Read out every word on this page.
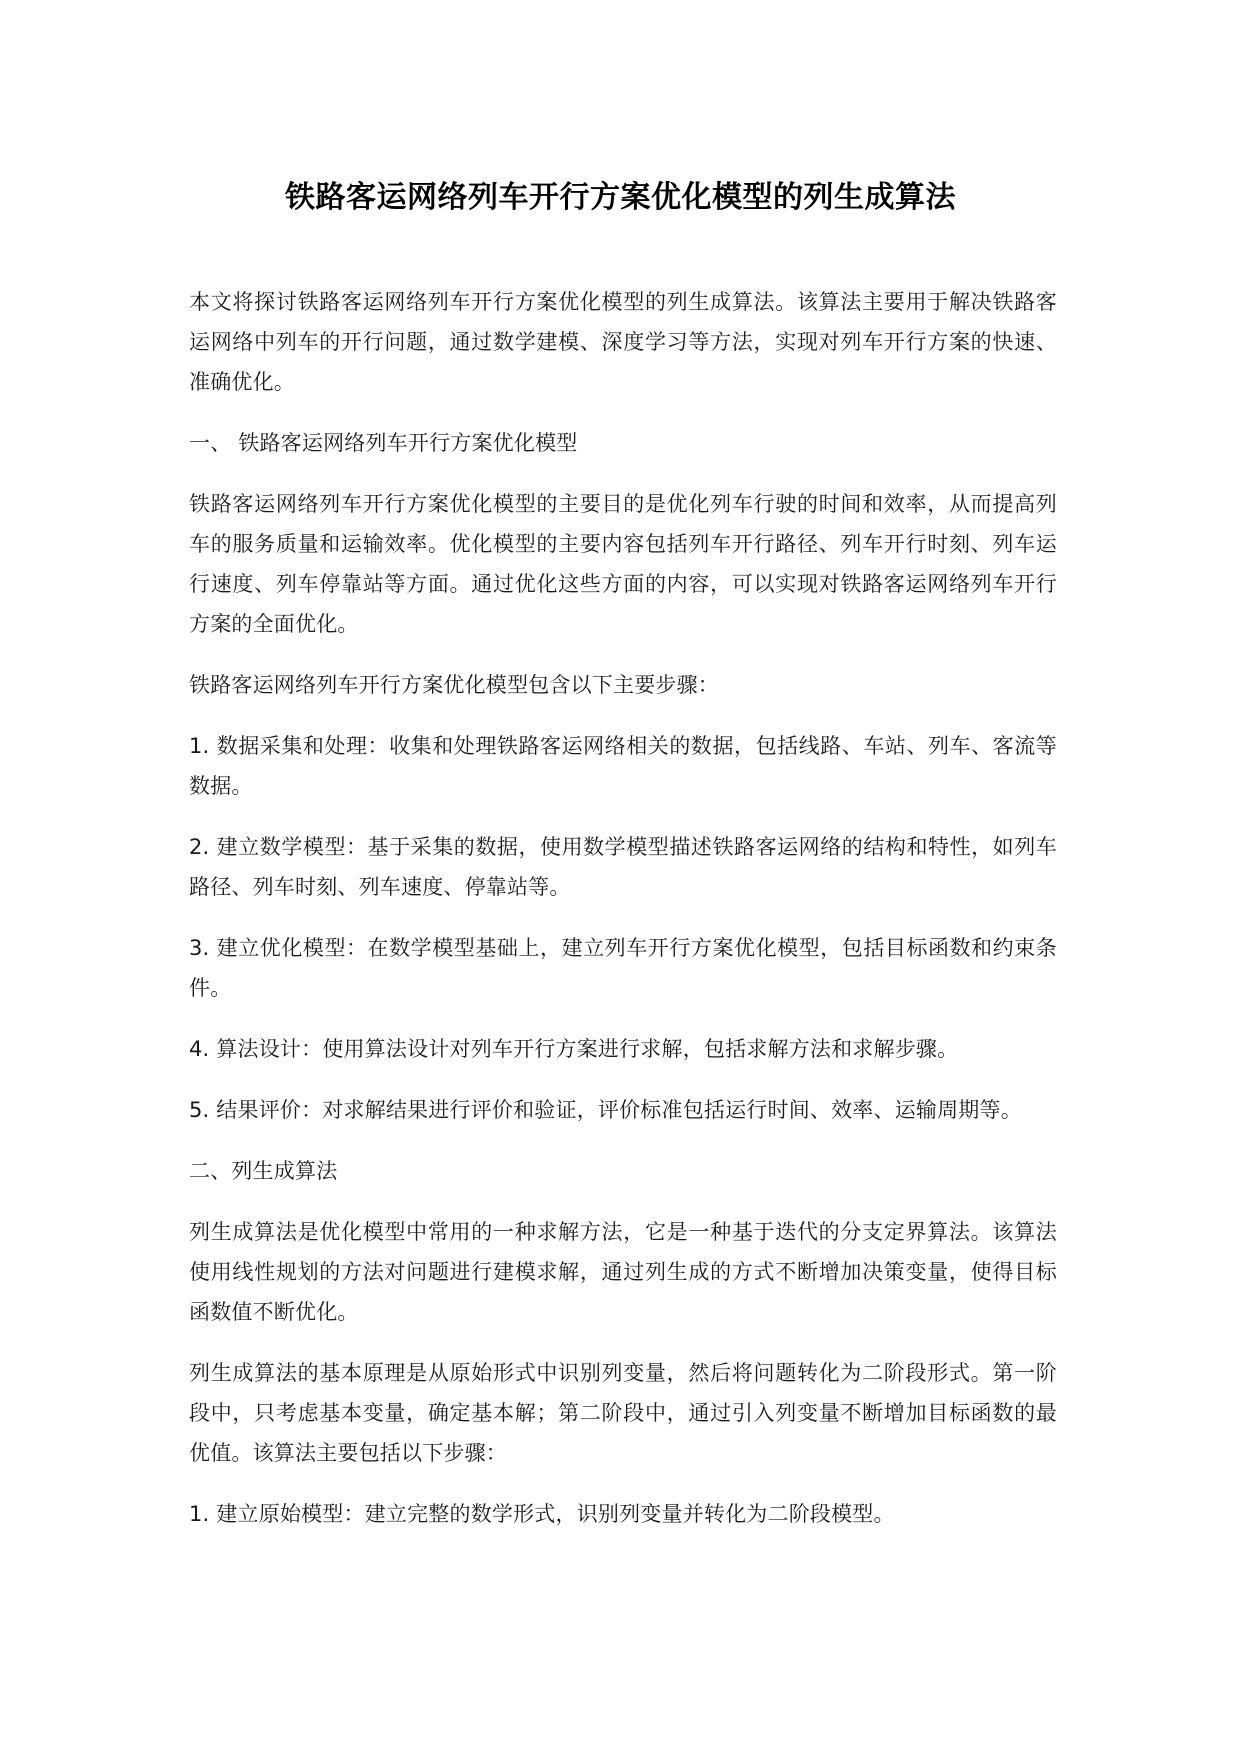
铁路客运网络列车开行方案优化模型的列生成算法

本文将探讨铁路客运网络列车开行方案优化模型的列生成算法。该算法主要用于解决铁路客运网络中列车的开行问题，通过数学建模、深度学习等方法，实现对列车开行方案的快速、准确优化。

一、 铁路客运网络列车开行方案优化模型

铁路客运网络列车开行方案优化模型的主要目的是优化列车行驶的时间和效率，从而提高列车的服务质量和运输效率。优化模型的主要内容包括列车开行路径、列车开行时刻、列车运行速度、列车停靠站等方面。通过优化这些方面的内容，可以实现对铁路客运网络列车开行方案的全面优化。

铁路客运网络列车开行方案优化模型包含以下主要步骤：

1. 数据采集和处理：收集和处理铁路客运网络相关的数据，包括线路、车站、列车、客流等数据。

2. 建立数学模型：基于采集的数据，使用数学模型描述铁路客运网络的结构和特性，如列车路径、列车时刻、列车速度、停靠站等。

3. 建立优化模型：在数学模型基础上，建立列车开行方案优化模型，包括目标函数和约束条件。

4. 算法设计：使用算法设计对列车开行方案进行求解，包括求解方法和求解步骤。

5. 结果评价：对求解结果进行评价和验证，评价标准包括运行时间、效率、运输周期等。

二、列生成算法

列生成算法是优化模型中常用的一种求解方法，它是一种基于迭代的分支定界算法。该算法使用线性规划的方法对问题进行建模求解，通过列生成的方式不断增加决策变量，使得目标函数值不断优化。

列生成算法的基本原理是从原始形式中识别列变量，然后将问题转化为二阶段形式。第一阶段中，只考虑基本变量，确定基本解；第二阶段中，通过引入列变量不断增加目标函数的最优值。该算法主要包括以下步骤：

1. 建立原始模型：建立完整的数学形式，识别列变量并转化为二阶段模型。
